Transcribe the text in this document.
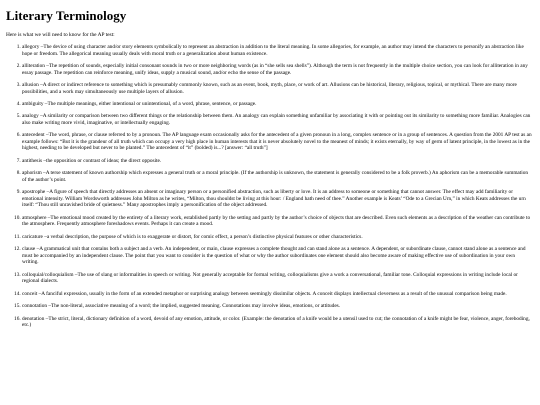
Literary Terminology

Here is what we will need to know for the AP test:

1. allegory – The device of using character and/or story elements symbolically to represent an abstraction in addition to the literal meaning. In some allegories, for example, an author may intend the characters to personify an abstraction like hope or freedom. The allegorical meaning usually deals with moral truth or a generalization about human existence.
2. alliteration – The repetition of sounds, especially initial consonant sounds in two or more neighboring words (as in “she sells sea shells”). Although the term is not frequently in the multiple choice section, you can look for alliteration in any essay passage. The repetition can reinforce meaning, unify ideas, supply a musical sound, and/or echo the sense of the passage.
3. allusion – A direct or indirect reference to something which is presumably commonly known, such as an event, book, myth, place, or work of art. Allusions can be historical, literary, religious, topical, or mythical. There are many more possibilities, and a work may simultaneously use multiple layers of allusion.
4. ambiguity – The multiple meanings, either intentional or unintentional, of a word, phrase, sentence, or passage.
5. analogy – A similarity or comparison between two different things or the relationship between them. An analogy can explain something unfamiliar by associating it with or pointing out its similarity to something more familiar. Analogies can also make writing more vivid, imaginative, or intellectually engaging.
6. antecedent – The word, phrase, or clause referred to by a pronoun. The AP language exam occasionally asks for the antecedent of a given pronoun in a long, complex sentence or in a group of sentences. A question from the 2001 AP test as an example follows: “But it is the grandeur of all truth which can occupy a very high place in human interests that it is never absolutely novel to the meanest of minds; it exists eternally, by way of germ of latent principle, in the lowest as in the highest, needing to be developed but never to be planted.” The antecedent of “it” (bolded) is...? [answer: “all truth”]
7. antithesis – the opposition or contrast of ideas; the direct opposite.
8. aphorism – A terse statement of known authorship which expresses a general truth or a moral principle. (If the authorship is unknown, the statement is generally considered to be a folk proverb.) An aphorism can be a memorable summation of the author’s point.
9. apostrophe – A figure of speech that directly addresses an absent or imaginary person or a personified abstraction, such as liberty or love. It is an address to someone or something that cannot answer. The effect may add familiarity or emotional intensity. William Wordsworth addresses John Milton as he writes, “Milton, thou shouldst be living at this hour: / England hath need of thee.” Another example is Keats’ “Ode to a Grecian Urn,” in which Keats addresses the urn itself: “Thou still unravished bride of quietness.” Many apostrophes imply a personification of the object addressed.
10. atmosphere – The emotional mood created by the entirety of a literary work, established partly by the setting and partly by the author’s choice of objects that are described. Even such elements as a description of the weather can contribute to the atmosphere. Frequently atmosphere foreshadows events. Perhaps it can create a mood.
11. caricature – a verbal description, the purpose of which is to exaggerate or distort, for comic effect, a person’s distinctive physical features or other characteristics.
12. clause – A grammatical unit that contains both a subject and a verb. An independent, or main, clause expresses a complete thought and can stand alone as a sentence. A dependent, or subordinate clause, cannot stand alone as a sentence and must be accompanied by an independent clause. The point that you want to consider is the question of what or why the author subordinates one element should also become aware of making effective use of subordination in your own writing.
13. colloquial/colloquialism – The use of slang or informalities in speech or writing. Not generally acceptable for formal writing, colloquialisms give a work a conversational, familiar tone. Colloquial expressions in writing include local or regional dialects.
14. conceit – A fanciful expression, usually in the form of an extended metaphor or surprising analogy between seemingly dissimilar objects. A conceit displays intellectual cleverness as a result of the unusual comparison being made.
15. connotation – The non-literal, associative meaning of a word; the implied, suggested meaning. Connotations may involve ideas, emotions, or attitudes.
16. denotation – The strict, literal, dictionary definition of a word, devoid of any emotion, attitude, or color. (Example: the denotation of a knife would be a utensil used to cut; the connotation of a knife might be fear, violence, anger, foreboding, etc.)
